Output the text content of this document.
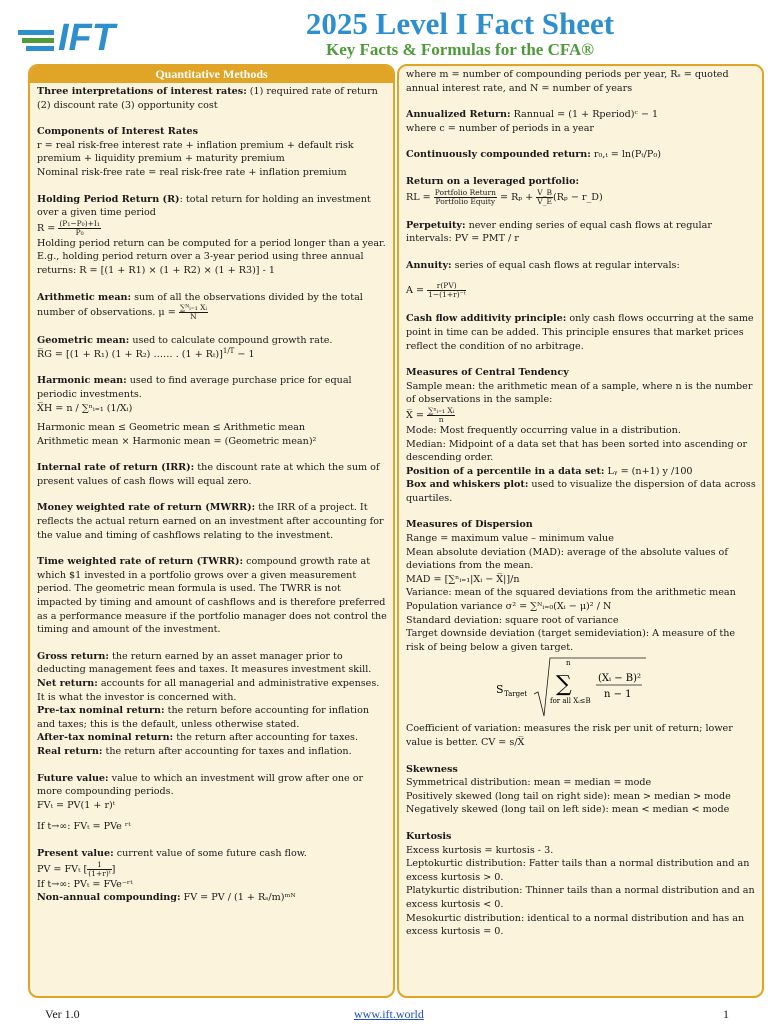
IFT	2025 Level I Fact Sheet
Key Facts & Formulas for the CFA®
Quantitative Methods
Three interpretations of interest rates: (1) required rate of return (2) discount rate (3) opportunity cost
Components of Interest Rates
r = real risk-free interest rate + inflation premium + default risk premium + liquidity premium + maturity premium
Nominal risk-free rate = real risk-free rate + inflation premium
Holding Period Return (R): total return for holding an investment over a given time period
$R = \frac{\text{(P₁−P₀)+I₁}}{\text{P₀}}$
Holding period return can be computed for a period longer than a year. E.g., holding period return over a 3-year period using three annual returns: R = [(1 + R1) × (1 + R2) × (1 + R3)] - 1
Arithmetic mean: sum of all the observations divided by the total number of observations. $\mu = \frac{\text{∑ᴺᵢ₌₁ Xᵢ}}{N}$
Geometric mean: used to calculate compound growth rate.
R̅G = [(1 + R₁) (1 + R₂) …… . (1 + Rₜ)]$^{1/T}$ − 1
Harmonic mean: used to find average purchase price for equal periodic investments.
X̅H = n / ∑ⁿᵢ₌₁ (1/Xᵢ)
Harmonic mean ≤ Geometric mean ≤ Arithmetic mean
Arithmetic mean × Harmonic mean = (Geometric mean)²
Internal rate of return (IRR): the discount rate at which the sum of present values of cash flows will equal zero.
Money weighted rate of return (MWRR): the IRR of a project. It reflects the actual return earned on an investment after accounting for the value and timing of cashflows relating to the investment.
Time weighted rate of return (TWRR): compound growth rate at which $1 invested in a portfolio grows over a given measurement period. The geometric mean formula is used. The TWRR is not impacted by timing and amount of cashflows and is therefore preferred as a performance measure if the portfolio manager does not control the timing and amount of the investment.
Gross return: the return earned by an asset manager prior to deducting management fees and taxes. It measures investment skill.
Net return: accounts for all managerial and administrative expenses. It is what the investor is concerned with.
Pre-tax nominal return: the return before accounting for inflation and taxes; this is the default, unless otherwise stated.
After-tax nominal return: the return after accounting for taxes.
Real return: the return after accounting for taxes and inflation.
Future value: value to which an investment will grow after one or more compounding periods.
FVₜ = PV(1 + r)ᵗ
If t→∞: FVₜ = PVe ʳᵗ
Present value: current value of some future cash flow.
PV = FVₜ [ $\frac{1}{\text{(1+r)ᵗ}}$ ]
If t→∞: PVₜ = FVe⁻ʳᵗ
Non-annual compounding: FV = PV / (1 + Rₛ/m)ᵐᴺ
where m = number of compounding periods per year, Rₛ = quoted annual interest rate, and N = number of years
Annualized Return: Rannual = (1 + Rperiod)ᶜ − 1
where c = number of periods in a year
Continuously compounded return: r₀,ₜ = ln(Pₜ/P₀)
Return on a leveraged portfolio:
RL = $\frac{\text{Portfolio Return}}{\text{Portfolio Equity}} = R_p + \frac{V\_B}{V\_E} (R_p$ − r_D)
Perpetuity: never ending series of equal cash flows at regular intervals: PV = PMT / r
Annuity: series of equal cash flows at regular intervals:
$A = \frac{r(PV)}{\text{1−(1+r)⁻ᵗ}}$
Cash flow additivity principle: only cash flows occurring at the same point in time can be added. This principle ensures that market prices reflect the condition of no arbitrage.
Measures of Central Tendency
Sample mean: the arithmetic mean of a sample, where n is the number of observations in the sample:
X̅ = $\frac{\text{∑ⁿᵢ₌₁ Xᵢ}}{n}$
Mode: Most frequently occurring value in a distribution.
Median: Midpoint of a data set that has been sorted into ascending or descending order.
Position of a percentile in a data set: Lᵧ = (n+1) y /100
Box and whiskers plot: used to visualize the dispersion of data across quartiles.
Measures of Dispersion
Range = maximum value – minimum value
Mean absolute deviation (MAD): average of the absolute values of deviations from the mean.
MAD = [∑ⁿᵢ₌₁|Xᵢ − X̅|]/n
Variance: mean of the squared deviations from the arithmetic mean
Population variance σ² = ∑ᴺᵢ₌₀(Xᵢ − μ)² / N
Standard deviation: square root of variance
Target downside deviation (target semideviation): A measure of the risk of being below a given target.
S Target
n
∑
for all Xᵢ≤B
(Xᵢ − B)²
n − 1
Coefficient of variation: measures the risk per unit of return; lower value is better. CV = s/X̅
Skewness
Symmetrical distribution: mean = median = mode
Positively skewed (long tail on right side): mean > median > mode
Negatively skewed (long tail on left side): mean < median < mode
Kurtosis
Excess kurtosis = kurtosis - 3.
Leptokurtic distribution: Fatter tails than a normal distribution and an excess kurtosis > 0.
Platykurtic distribution: Thinner tails than a normal distribution and an excess kurtosis < 0.
Mesokurtic distribution: identical to a normal distribution and has an excess kurtosis = 0.
Ver 1.0	www.ift.world	1
